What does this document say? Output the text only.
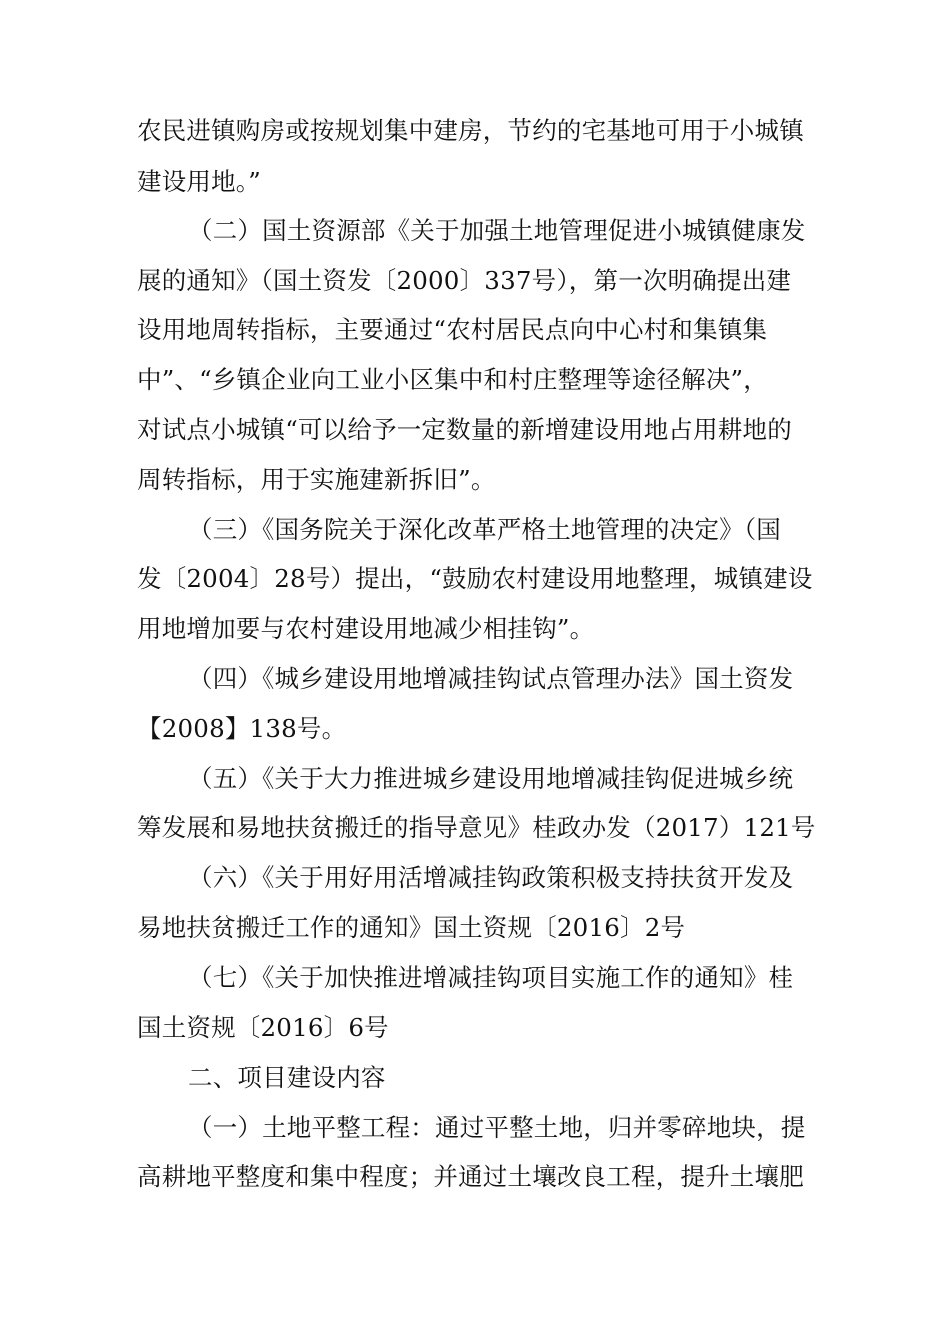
农民进镇购房或按规划集中建房，节约的宅基地可用于小城镇
建设用地。”
（二）国土资源部《关于加强土地管理促进小城镇健康发
展的通知》（国土资发〔2000〕337号），第一次明确提出建
设用地周转指标，主要通过“农村居民点向中心村和集镇集
中”、“乡镇企业向工业小区集中和村庄整理等途径解决”，
对试点小城镇“可以给予一定数量的新增建设用地占用耕地的
周转指标，用于实施建新拆旧”。
（三）《国务院关于深化改革严格土地管理的决定》（国
发〔2004〕28号）提出，“鼓励农村建设用地整理，城镇建设
用地增加要与农村建设用地减少相挂钩”。
（四）《城乡建设用地增减挂钩试点管理办法》国土资发
【2008】138号。
（五）《关于大力推进城乡建设用地增减挂钩促进城乡统
筹发展和易地扶贫搬迁的指导意见》桂政办发（2017）121号
（六）《关于用好用活增减挂钩政策积极支持扶贫开发及
易地扶贫搬迁工作的通知》国土资规〔2016〕2号
（七）《关于加快推进增减挂钩项目实施工作的通知》桂
国土资规〔2016〕6号
二、项目建设内容
（一）土地平整工程：通过平整土地，归并零碎地块，提
高耕地平整度和集中程度；并通过土壤改良工程，提升土壤肥
